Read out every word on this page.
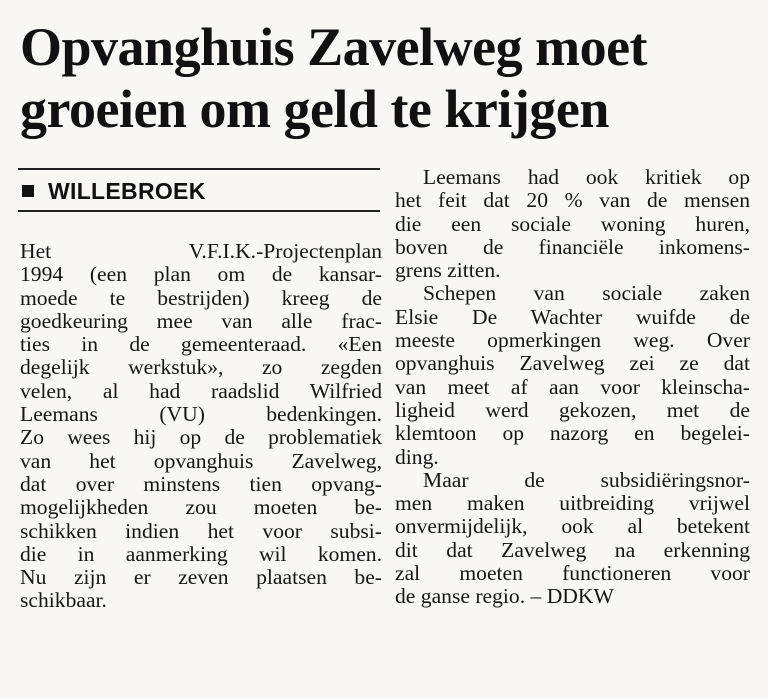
Opvanghuis Zavelweg moet
groeien om geld te krijgen
WILLEBROEK
Het V.F.I.K.-Projectenplan
1994 (een plan om de kansar-
moede te bestrijden) kreeg de
goedkeuring mee van alle frac-
ties in de gemeenteraad. «Een
degelijk werkstuk», zo zegden
velen, al had raadslid Wilfried
Leemans (VU) bedenkingen.
Zo wees hij op de problematiek
van het opvanghuis Zavelweg,
dat over minstens tien opvang-
mogelijkheden zou moeten be-
schikken indien het voor subsi-
die in aanmerking wil komen.
Nu zijn er zeven plaatsen be-
schikbaar.
Leemans had ook kritiek op
het feit dat 20 % van de mensen
die een sociale woning huren,
boven de financiële inkomens-
grens zitten.
Schepen van sociale zaken
Elsie De Wachter wuifde de
meeste opmerkingen weg. Over
opvanghuis Zavelweg zei ze dat
van meet af aan voor kleinscha-
ligheid werd gekozen, met de
klemtoon op nazorg en begelei-
ding.
Maar de subsidiëringsnor-
men maken uitbreiding vrijwel
onvermijdelijk, ook al betekent
dit dat Zavelweg na erkenning
zal moeten functioneren voor
de ganse regio. – DDKW
